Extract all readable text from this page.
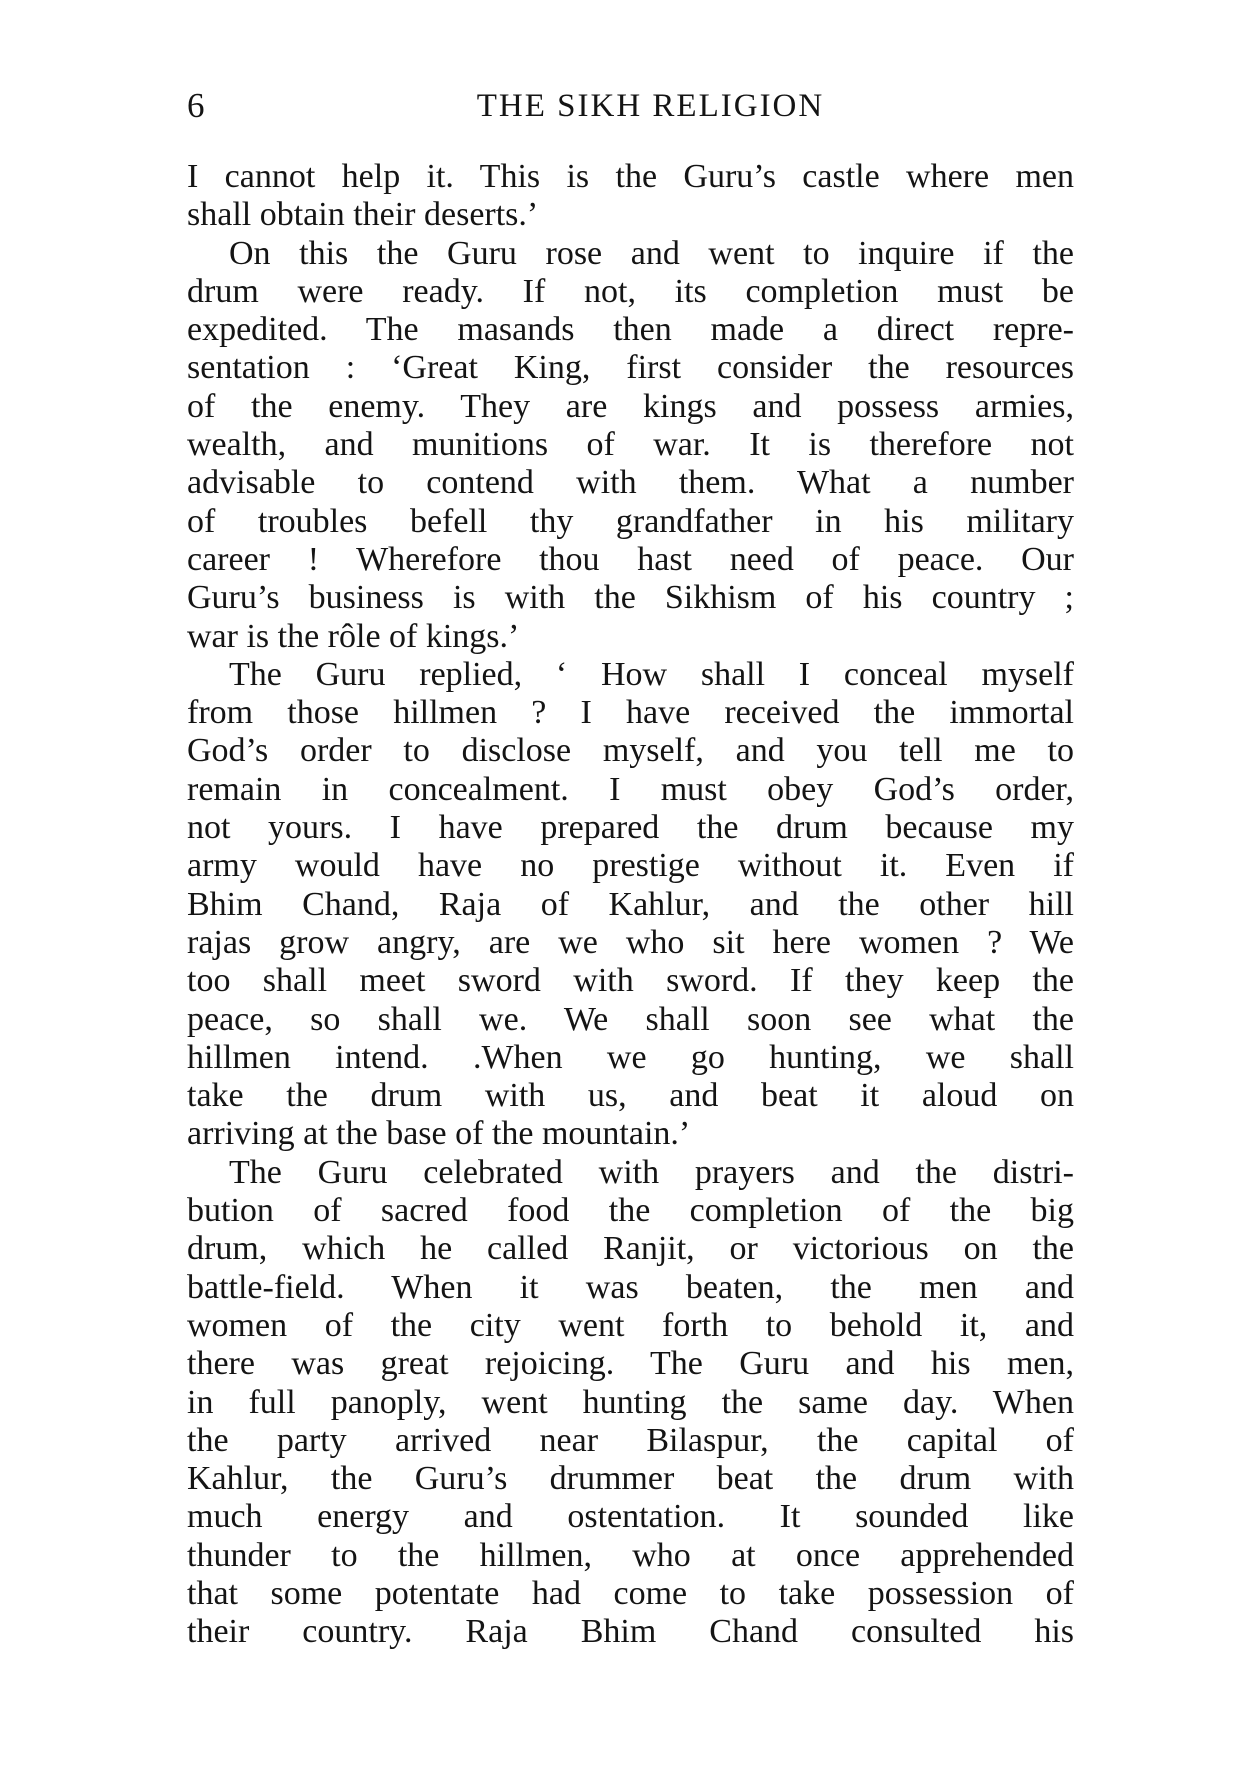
6	THE SIKH RELIGION

I cannot help it. This is the Guru’s castle where men
shall obtain their deserts.’

On this the Guru rose and went to inquire if the
drum were ready. If not, its completion must be
expedited. The masands then made a direct repre-
sentation : ‘Great King, first consider the resources
of the enemy. They are kings and possess armies,
wealth, and munitions of war. It is therefore not
advisable to contend with them. What a number
of troubles befell thy grandfather in his military
career ! Wherefore thou hast need of peace. Our
Guru’s business is with the Sikhism of his country ;
war is the rôle of kings.’

The Guru replied, ‘ How shall I conceal myself
from those hillmen ? I have received the immortal
God’s order to disclose myself, and you tell me to
remain in concealment. I must obey God’s order,
not yours. I have prepared the drum because my
army would have no prestige without it. Even if
Bhim Chand, Raja of Kahlur, and the other hill
rajas grow angry, are we who sit here women ? We
too shall meet sword with sword. If they keep the
peace, so shall we. We shall soon see what the
hillmen intend. .When we go hunting, we shall
take the drum with us, and beat it aloud on
arriving at the base of the mountain.’

The Guru celebrated with prayers and the distri-
bution of sacred food the completion of the big
drum, which he called Ranjit, or victorious on the
battle-field. When it was beaten, the men and
women of the city went forth to behold it, and
there was great rejoicing. The Guru and his men,
in full panoply, went hunting the same day. When
the party arrived near Bilaspur, the capital of
Kahlur, the Guru’s drummer beat the drum with
much energy and ostentation. It sounded like
thunder to the hillmen, who at once apprehended
that some potentate had come to take possession of
their country. Raja Bhim Chand consulted his
